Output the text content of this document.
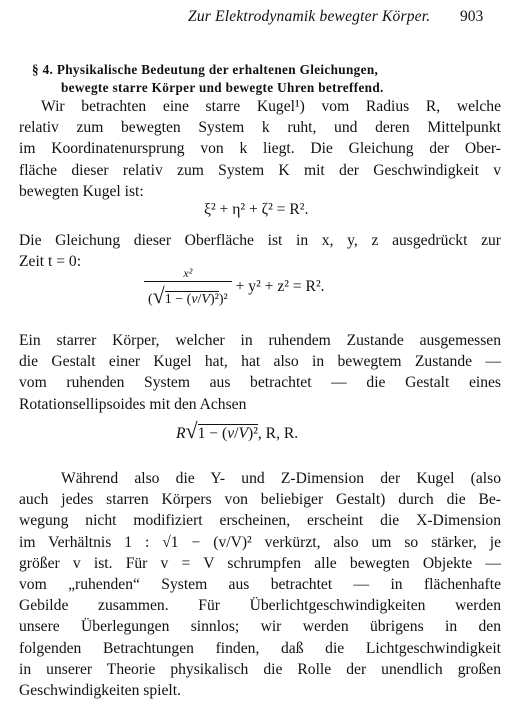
Zur Elektrodynamik bewegter Körper. 903
§ 4. Physikalische Bedeutung der erhaltenen Gleichungen,
bewegte starre Körper und bewegte Uhren betreffend.
Wir betrachten eine starre Kugel¹) vom Radius R, welche
relativ zum bewegten System k ruht, und deren Mittelpunkt
im Koordinatenursprung von k liegt. Die Gleichung der Ober-
fläche dieser relativ zum System K mit der Geschwindigkeit v
bewegten Kugel ist:
ξ² + η² + ζ² = R².
Die Gleichung dieser Oberfläche ist in x, y, z ausgedrückt zur
Zeit t = 0:
$\frac{\text{x²}}{\text{(√1 − (v/V)²)²}} + y^2 + z^2 = R^2$.
Ein starrer Körper, welcher in ruhendem Zustande ausgemessen
die Gestalt einer Kugel hat, hat also in bewegtem Zustande —
vom ruhenden System aus betrachtet — die Gestalt eines
Rotationsellipsoides mit den Achsen
R√1 − (v/V)², R, R.
Während also die Y- und Z-Dimension der Kugel (also
auch jedes starren Körpers von beliebiger Gestalt) durch die Be-
wegung nicht modifiziert erscheinen, erscheint die X-Dimension
im Verhältnis 1 : √1 − (v/V)² verkürzt, also um so stärker, je
größer v ist. Für v = V schrumpfen alle bewegten Objekte —
vom „ruhenden“ System aus betrachtet — in flächenhafte
Gebilde zusammen. Für Überlichtgeschwindigkeiten werden
unsere Überlegungen sinnlos; wir werden übrigens in den
folgenden Betrachtungen finden, daß die Lichtgeschwindigkeit
in unserer Theorie physikalisch die Rolle der unendlich großen
Geschwindigkeiten spielt.
